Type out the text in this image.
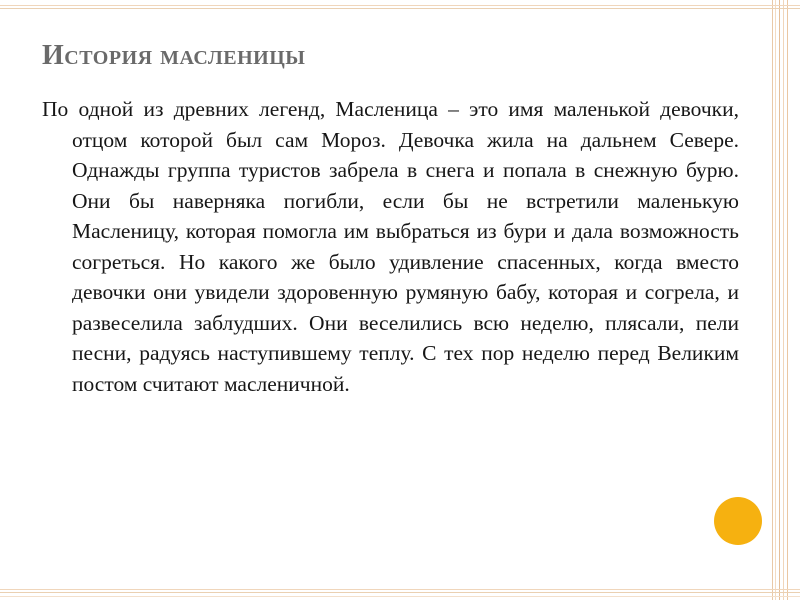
История масленицы

По одной из древних легенд, Масленица – это имя маленькой девочки, отцом которой был сам Мороз. Девочка жила на дальнем Севере. Однажды группа туристов забрела в снега и попала в снежную бурю. Они бы наверняка погибли, если бы не встретили маленькую Масленицу, которая помогла им выбраться из бури и дала возможность согреться. Но какого же было удивление спасенных, когда вместо девочки они увидели здоровенную румяную бабу, которая и согрела, и развеселила заблудших. Они веселились всю неделю, плясали, пели песни, радуясь наступившему теплу. С тех пор неделю перед Великим постом считают масленичной.
